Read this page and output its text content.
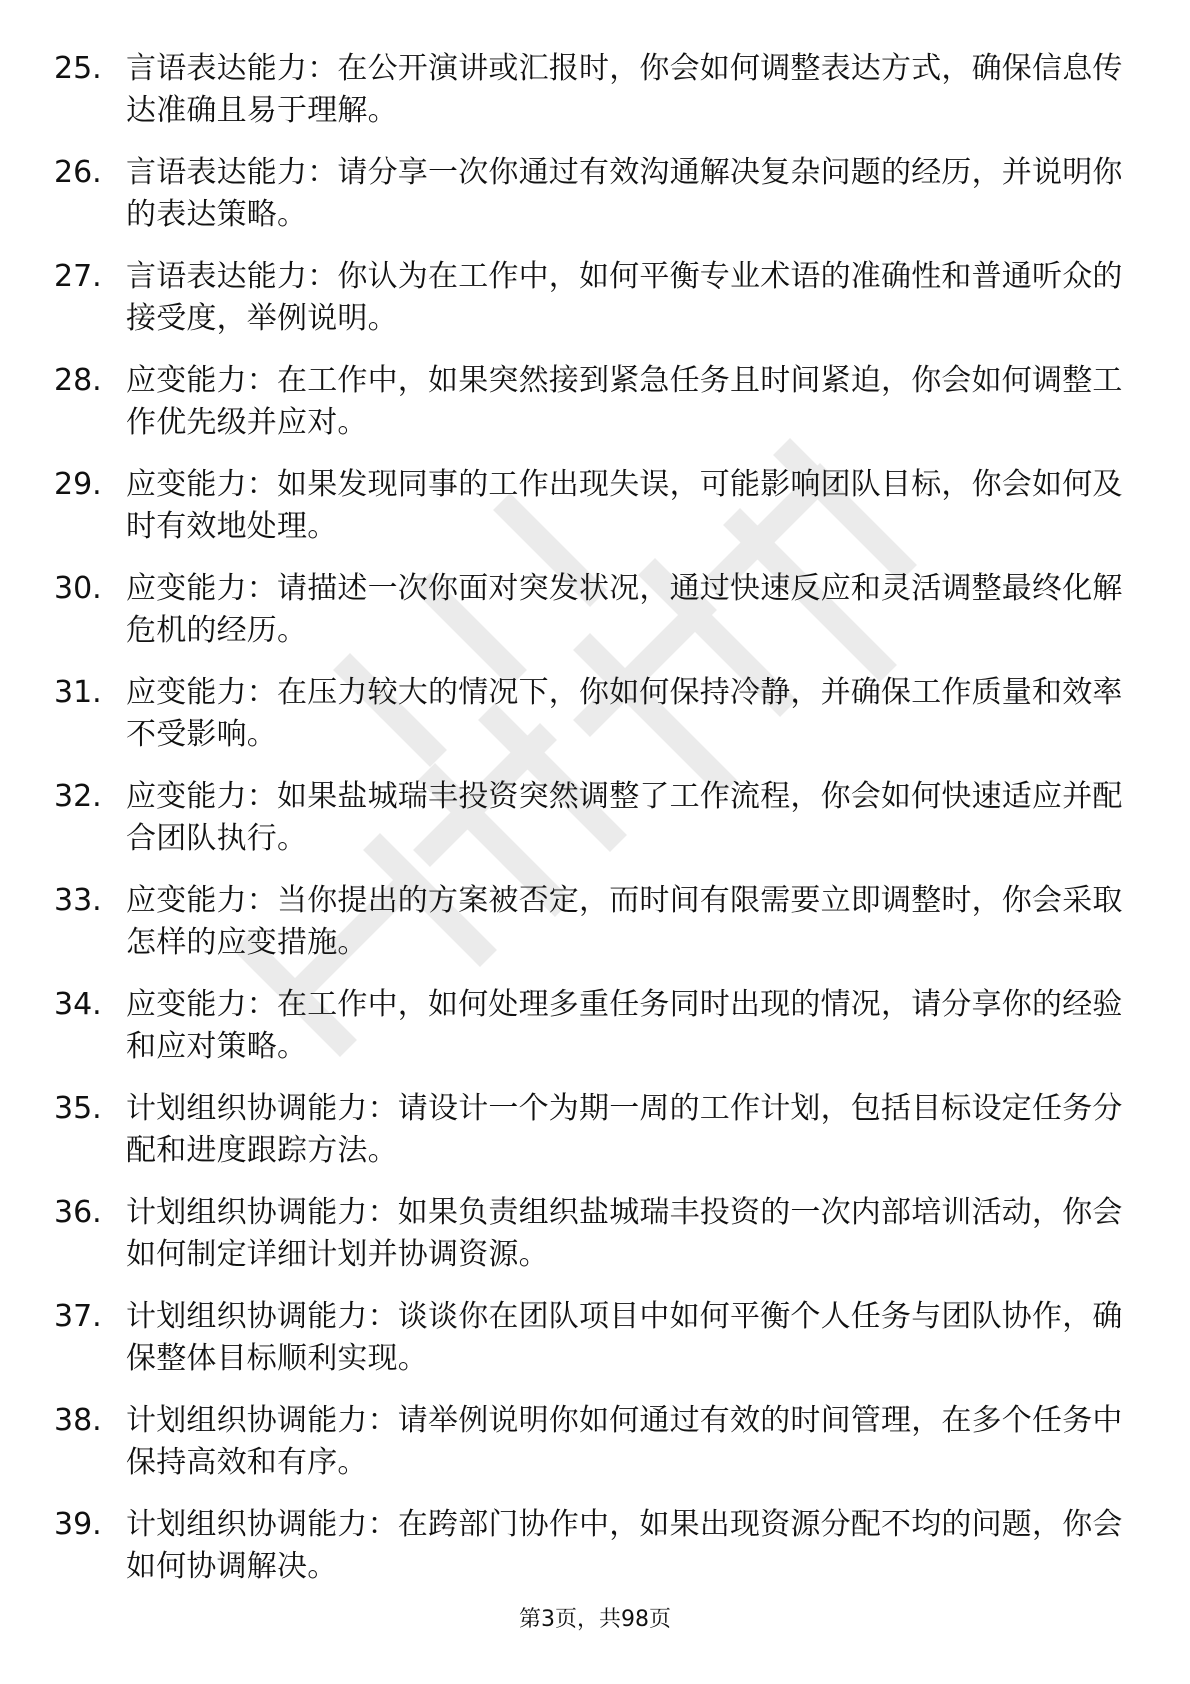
25. 言语表达能力：在公开演讲或汇报时，你会如何调整表达方式，确保信息传达准确且易于理解。
26. 言语表达能力：请分享一次你通过有效沟通解决复杂问题的经历，并说明你的表达策略。
27. 言语表达能力：你认为在工作中，如何平衡专业术语的准确性和普通听众的接受度，举例说明。
28. 应变能力：在工作中，如果突然接到紧急任务且时间紧迫，你会如何调整工作优先级并应对。
29. 应变能力：如果发现同事的工作出现失误，可能影响团队目标，你会如何及时有效地处理。
30. 应变能力：请描述一次你面对突发状况，通过快速反应和灵活调整最终化解危机的经历。
31. 应变能力：在压力较大的情况下，你如何保持冷静，并确保工作质量和效率不受影响。
32. 应变能力：如果盐城瑞丰投资突然调整了工作流程，你会如何快速适应并配合团队执行。
33. 应变能力：当你提出的方案被否定，而时间有限需要立即调整时，你会采取怎样的应变措施。
34. 应变能力：在工作中，如何处理多重任务同时出现的情况，请分享你的经验和应对策略。
35. 计划组织协调能力：请设计一个为期一周的工作计划，包括目标设定任务分配和进度跟踪方法。
36. 计划组织协调能力：如果负责组织盐城瑞丰投资的一次内部培训活动，你会如何制定详细计划并协调资源。
37. 计划组织协调能力：谈谈你在团队项目中如何平衡个人任务与团队协作，确保整体目标顺利实现。
38. 计划组织协调能力：请举例说明你如何通过有效的时间管理，在多个任务中保持高效和有序。
39. 计划组织协调能力：在跨部门协作中，如果出现资源分配不均的问题，你会如何协调解决。
第3页，共98页
